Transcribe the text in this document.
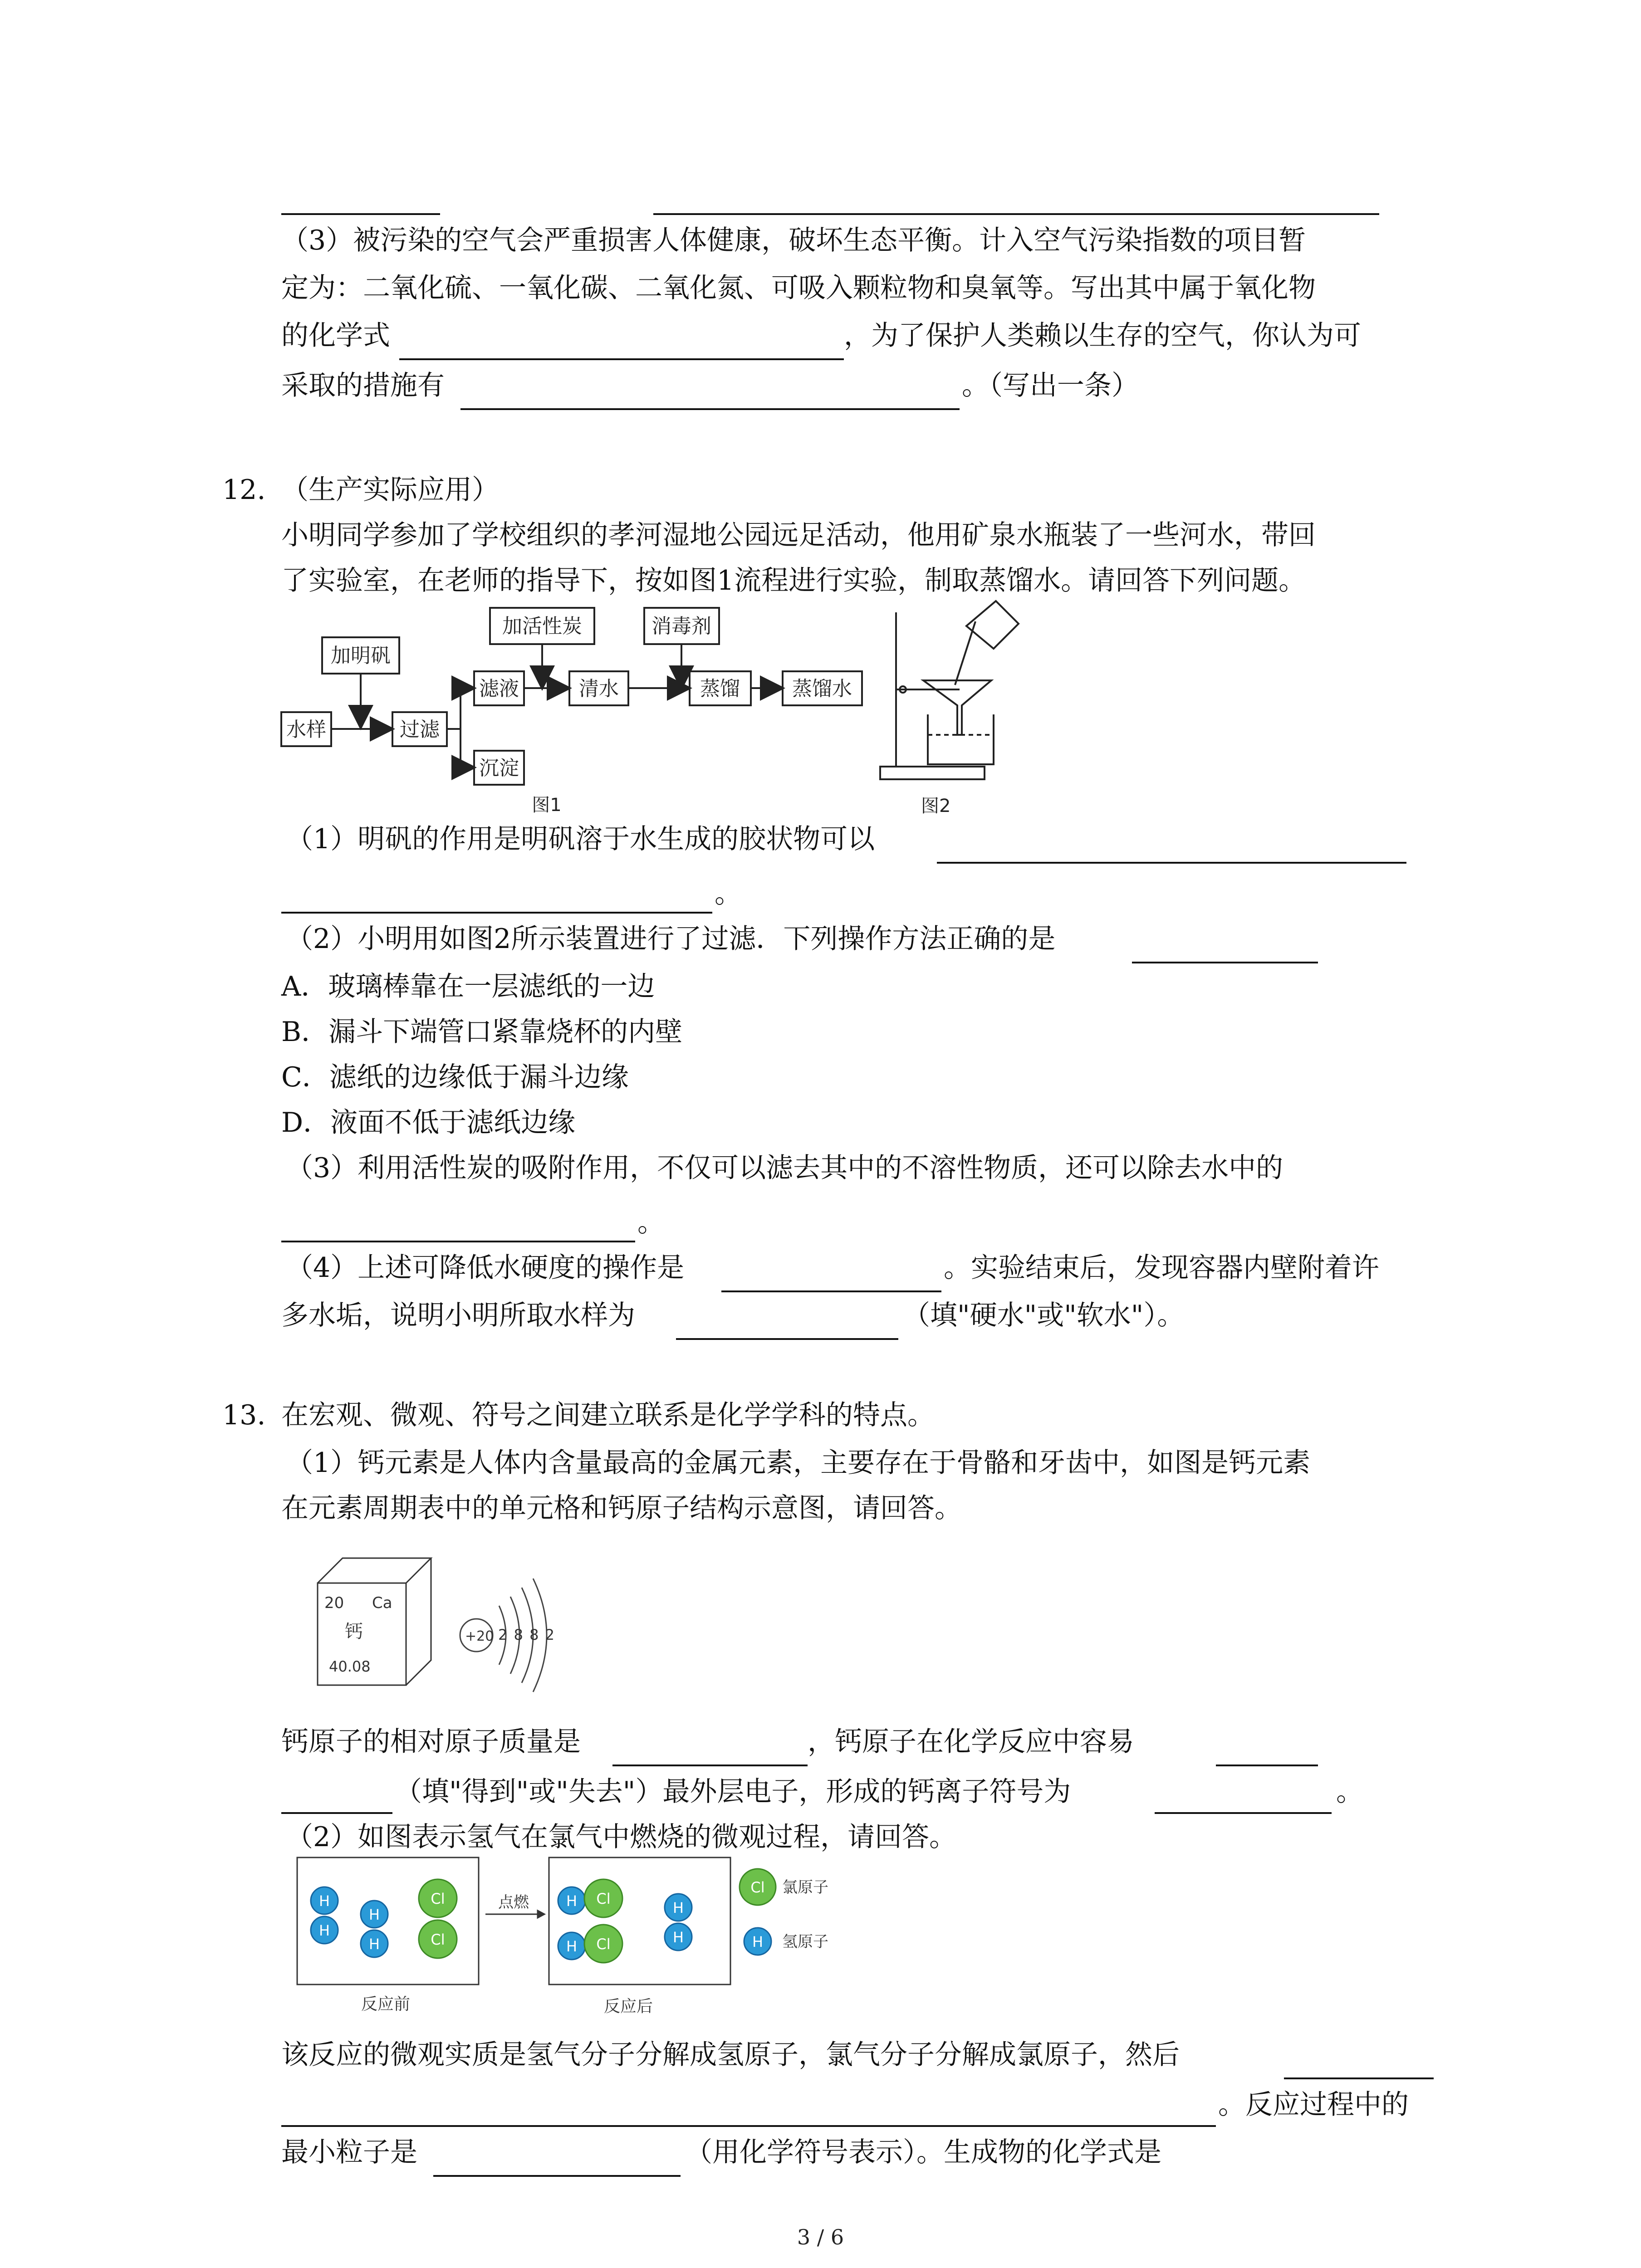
（3）被污染的空气会严重损害人体健康，破坏生态平衡。计入空气污染指数的项目暂
定为：二氧化硫、一氧化碳、二氧化氮、可吸入颗粒物和臭氧等。写出其中属于氧化物
的化学式	，为了保护人类赖以生存的空气，你认为可
采取的措施有	。（写出一条）
12. （生产实际应用）
小明同学参加了学校组织的孝河湿地公园远足活动，他用矿泉水瓶装了一些河水，带回
了实验室，在老师的指导下，按如图1流程进行实验，制取蒸馏水。请回答下列问题。
加明矾
水样	过滤
滤液
沉淀
加活性炭
清水
消毒剂
蒸馏	蒸馏水
图1	图2
（1）明矾的作用是明矾溶于水生成的胶状物可以
。
（2）小明用如图2所示装置进行了过滤．下列操作方法正确的是
A．玻璃棒靠在一层滤纸的一边
B．漏斗下端管口紧靠烧杯的内壁
C．滤纸的边缘低于漏斗边缘
D．液面不低于滤纸边缘
（3）利用活性炭的吸附作用，不仅可以滤去其中的不溶性物质，还可以除去水中的
。
（4）上述可降低水硬度的操作是	。实验结束后，发现容器内壁附着许
多水垢，说明小明所取水样为	（填"硬水"或"软水"）。
13. 在宏观、微观、符号之间建立联系是化学学科的特点。
（1）钙元素是人体内含量最高的金属元素，主要存在于骨骼和牙齿中，如图是钙元素
在元素周期表中的单元格和钙原子结构示意图，请回答。
20 Ca
钙
40.08
+20 2 8 8 2
钙原子的相对原子质量是	，钙原子在化学反应中容易
（填"得到"或"失去"）最外层电子，形成的钙离子符号为	。
（2）如图表示氢气在氯气中燃烧的微观过程，请回答。
点燃
H
H
H
H
Cl
Cl
H Cl
H Cl
H
H
Cl
H
氯原子
氢原子
反应前	反应后
该反应的微观实质是氢气分子分解成氢原子，氯气分子分解成氯原子，然后
。反应过程中的
最小粒子是	（用化学符号表示）。生成物的化学式是
3 / 6
